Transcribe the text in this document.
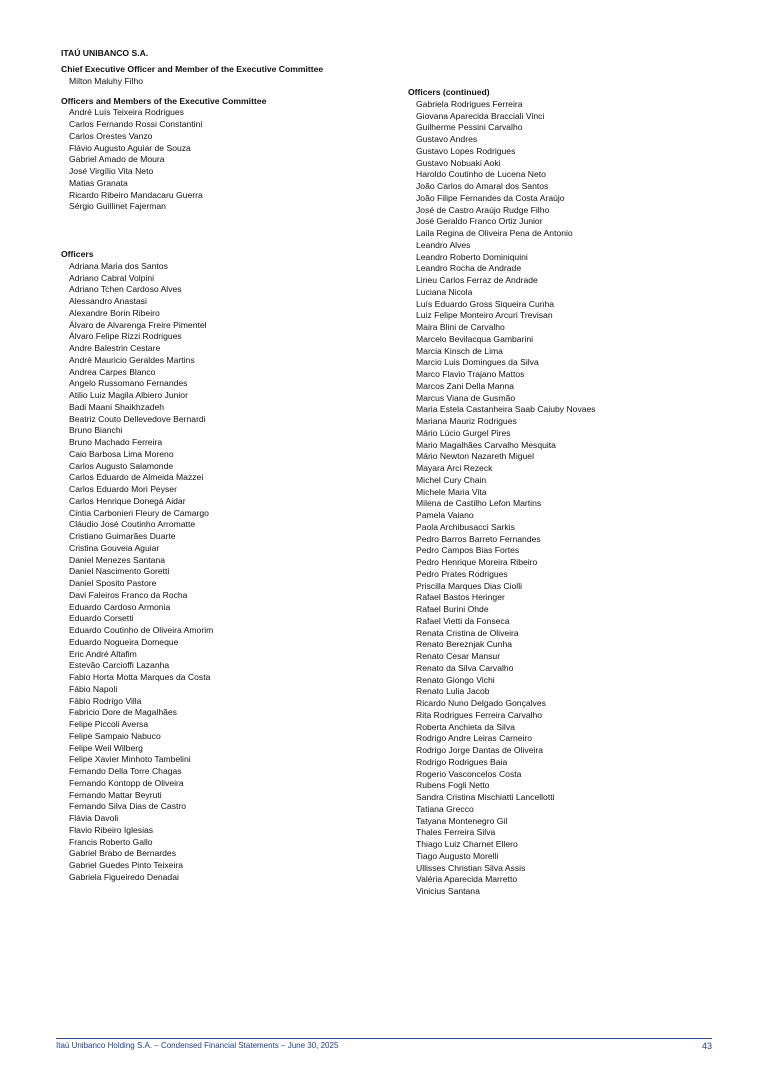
ITAÚ UNIBANCO S.A.
Chief Executive Officer and Member of the Executive Committee
Milton Maluhy Filho
Officers and Members of the Executive Committee
André Luís Teixeira Rodrigues
Carlos Fernando Rossi Constantini
Carlos Orestes Vanzo
Flávio Augusto Aguiar de Souza
Gabriel Amado de Moura
José Virgílio Vita Neto
Matias Granata
Ricardo Ribeiro Mandacaru Guerra
Sérgio Guillinet Fajerman
Officers
Adriana Maria dos Santos
Adriano Cabral Volpini
Adriano Tchen Cardoso Alves
Alessandro Anastasi
Alexandre Borin Ribeiro
Álvaro de Alvarenga Freire Pimentel
Álvaro Felipe Rizzi Rodrigues
Andre Balestrin Cestare
André Mauricio Geraldes Martins
Andrea Carpes Blanco
Angelo Russomano Fernandes
Atilio Luiz Magila Albiero Junior
Badi Maani Shaikhzadeh
Beatriz Couto Dellevedove Bernardi
Bruno Bianchi
Bruno Machado Ferreira
Caio Barbosa Lima Moreno
Carlos Augusto Salamonde
Carlos Eduardo de Almeida Mazzei
Carlos Eduardo Mori Peyser
Carlos Henrique Donegá Aidar
Cintia Carbonieri Fleury de Camargo
Cláudio José Coutinho Arromatte
Cristiano Guimarães Duarte
Cristina Gouveia Aguiar
Daniel Menezes Santana
Daniel Nascimento Goretti
Daniel Sposito Pastore
Davi Faleiros Franco da Rocha
Eduardo Cardoso Armonia
Eduardo Corsetti
Eduardo Coutinho de Oliveira Amorim
Eduardo Nogueira Domeque
Eric André Altafim
Estevão Carcioffi Lazanha
Fabio Horta Motta Marques da Costa
Fábio Napoli
Fábio Rodrigo Villa
Fabricio Dore de Magalhães
Felipe Piccoli Aversa
Felipe Sampaio Nabuco
Felipe Weil Wilberg
Felipe Xavier Minhoto Tambelini
Fernando Della Torre Chagas
Fernando Kontopp de Oliveira
Fernando Mattar Beyruti
Fernando Silva Dias de Castro
Flávia Davoli
Flavio Ribeiro Iglesias
Francis Roberto Gallo
Gabriel Brabo de Bernardes
Gabriel Guedes Pinto Teixeira
Gabriela Figueiredo Denadai
Officers (continued)
Gabriela Rodrigues Ferreira
Giovana Aparecida Bracciali Vinci
Guilherme Pessini Carvalho
Gustavo Andres
Gustavo Lopes Rodrigues
Gustavo Nobuaki Aoki
Haroldo Coutinho de Lucena Neto
João Carlos do Amaral dos Santos
João Filipe Fernandes da Costa Araújo
José de Castro Araújo Rudge Filho
José Geraldo Franco Ortiz Junior
Laila Regina de Oliveira Pena de Antonio
Leandro Alves
Leandro Roberto Dominiquini
Leandro Rocha de Andrade
Lineu Carlos Ferraz de Andrade
Luciana Nicola
Luís Eduardo Gross Siqueira Cunha
Luiz Felipe Monteiro Arcuri Trevisan
Maira Blini de Carvalho
Marcelo Bevilacqua Gambarini
Marcia Kinsch de Lima
Marcio Luis Domingues da Silva
Marco Flavio Trajano Mattos
Marcos Zani Della Manna
Marcus Viana de Gusmão
Maria Estela Castanheira Saab Caiuby Novaes
Mariana Mauriz Rodrigues
Mário Lúcio Gurgel Pires
Mario Magalhães Carvalho Mesquita
Mário Newton Nazareth Miguel
Mayara Arci Rezeck
Michel Cury Chain
Michele Maria Vita
Milena de Castilho Lefon Martins
Pamela Vaiano
Paola Archibusacci Sarkis
Pedro Barros Barreto Fernandes
Pedro Campos Bias Fortes
Pedro Henrique Moreira Ribeiro
Pedro Prates Rodrigues
Priscilla Marques Dias Ciolli
Rafael Bastos Heringer
Rafael Burini Ohde
Rafael Vietti da Fonseca
Renata Cristina de Oliveira
Renato Bereznjak Cunha
Renato Cesar Mansur
Renato da Silva Carvalho
Renato Giongo Vichi
Renato Lulia Jacob
Ricardo Nuno Delgado Gonçalves
Rita Rodrigues Ferreira Carvalho
Roberta Anchieta da Silva
Rodrigo Andre Leiras Carneiro
Rodrigo Jorge Dantas de Oliveira
Rodrigo Rodrigues Baia
Rogerio Vasconcelos Costa
Rubens Fogli Netto
Sandra Cristina Mischiatti Lancellotti
Tatiana Grecco
Tatyana Montenegro Gil
Thales Ferreira Silva
Thiago Luiz Charnet Ellero
Tiago Augusto Morelli
Ullisses Christian Silva Assis
Valéria Aparecida Marretto
Vinicius Santana
Itaú Unibanco Holding S.A. – Condensed Financial Statements – June 30, 2025	43
